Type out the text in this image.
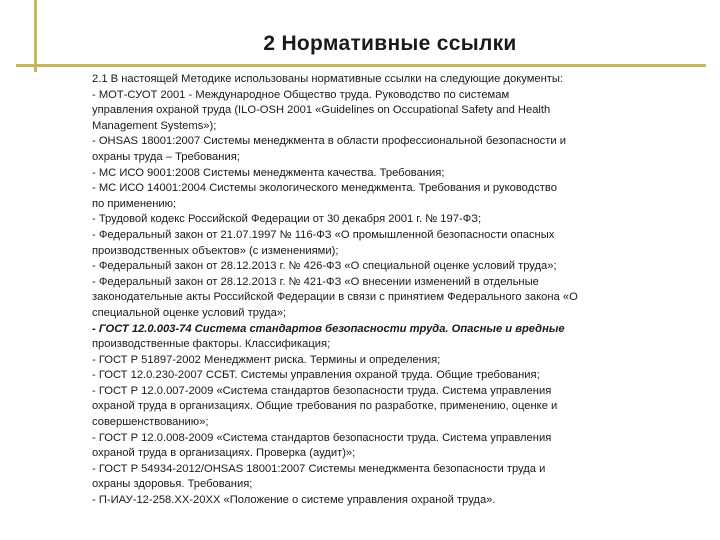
2 Нормативные ссылки
2.1 В настоящей Методике использованы нормативные ссылки на следующие документы:
- МОТ-СУОТ 2001 - Международное Общество труда. Руководство по системам
управления охраной труда (ILO-OSH 2001 «Guidelines on Occupational Safety and Health
Management Systems»);
- OHSAS 18001:2007 Системы менеджмента в области профессиональной безопасности и
охраны труда – Требования;
- МС ИСО 9001:2008 Системы менеджмента качества. Требования;
- МС ИСО 14001:2004 Системы экологического менеджмента. Требования и руководство
по применению;
- Трудовой кодекс Российской Федерации от 30 декабря 2001 г. № 197-ФЗ;
- Федеральный закон от 21.07.1997 № 116-ФЗ «О промышленной безопасности опасных
производственных объектов» (с изменениями);
- Федеральный закон от 28.12.2013 г. № 426-ФЗ «О специальной оценке условий труда»;
- Федеральный закон от 28.12.2013 г. № 421-ФЗ «О внесении изменений в отдельные
законодательные акты Российской Федерации в связи с принятием Федерального закона «О
специальной оценке условий труда»;
- ГОСТ 12.0.003-74 Система стандартов безопасности труда. Опасные и вредные
производственные факторы. Классификация;
- ГОСТ Р 51897-2002 Менеджмент риска. Термины и определения;
- ГОСТ 12.0.230-2007 ССБТ. Системы управления охраной труда. Общие требования;
- ГОСТ Р 12.0.007-2009 «Система стандартов безопасности труда. Система управления
охраной труда в организациях. Общие требования по разработке, применению, оценке и
совершенствованию»;
- ГОСТ Р 12.0.008-2009 «Система стандартов безопасности труда. Система управления
охраной труда в организациях. Проверка (аудит)»;
- ГОСТ Р 54934-2012/OHSAS 18001:2007 Системы менеджмента безопасности труда и
охраны здоровья. Требования;
- П-ИАУ-12-258.ХХ-20ХХ «Положение о системе управления охраной труда».
